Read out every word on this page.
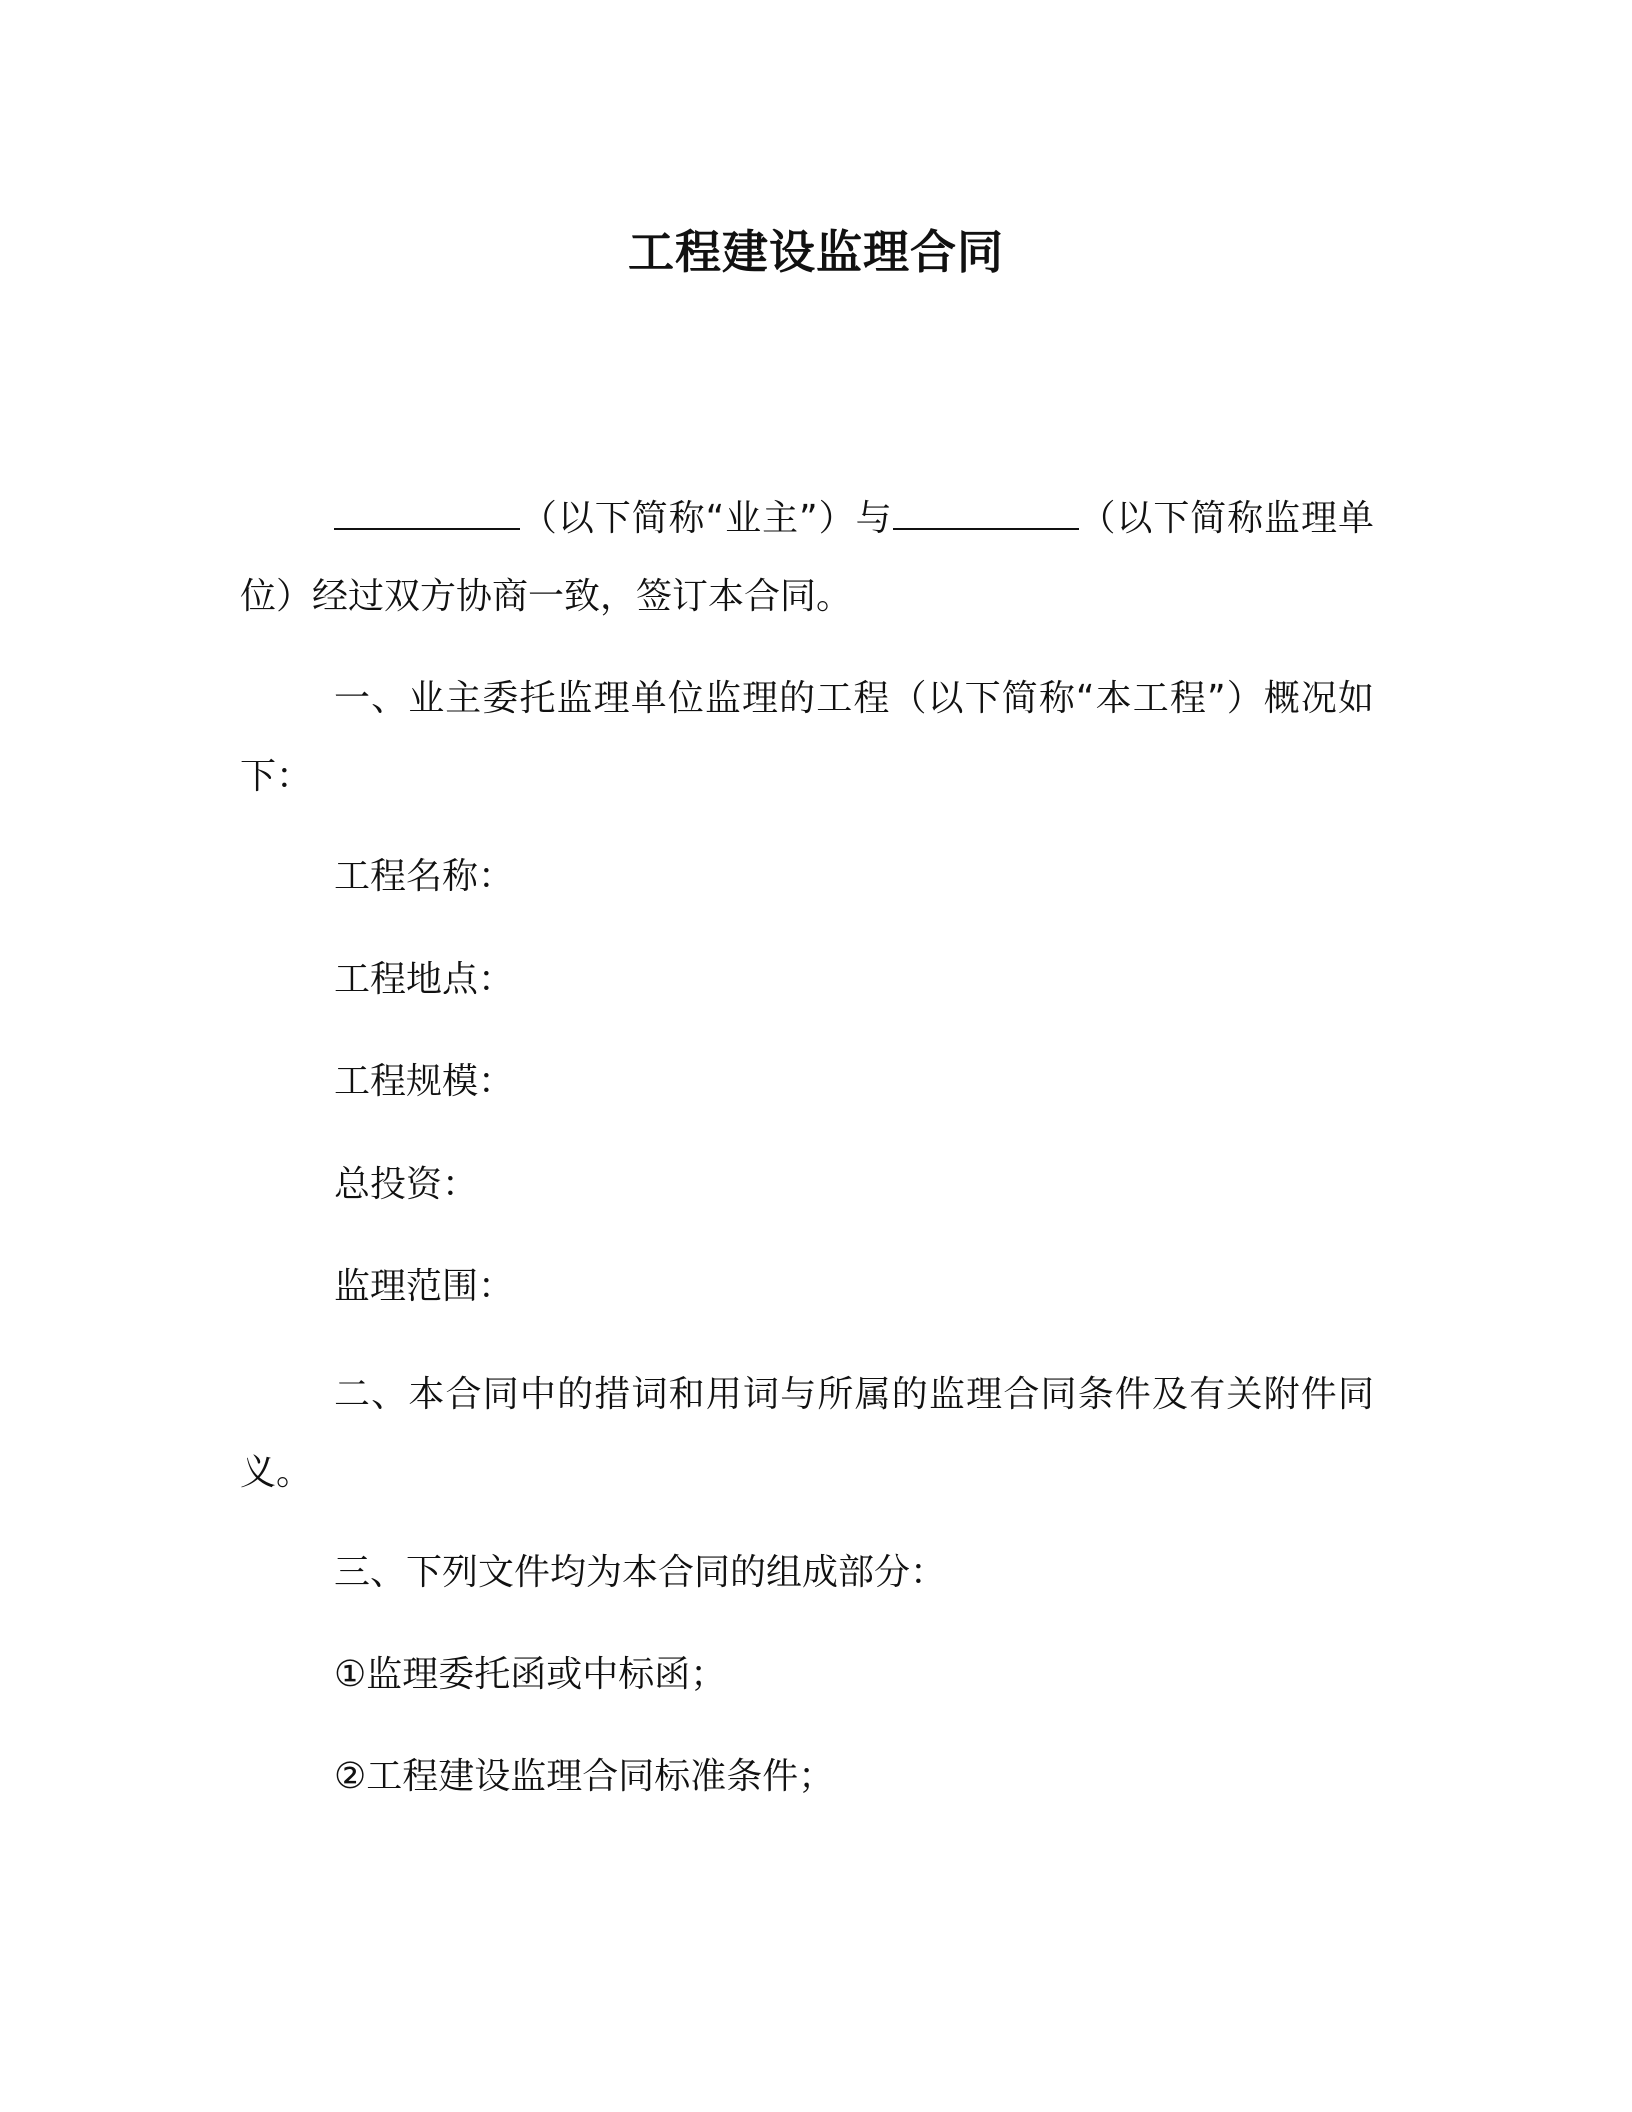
工程建设监理合同

（以下简称“业主”）与	（以下简称监理单位）经过双方协商一致，签订本合同。

一、业主委托监理单位监理的工程（以下简称“本工程”）概况如下：

工程名称：

工程地点：

工程规模：

总投资：

监理范围：

二、本合同中的措词和用词与所属的监理合同条件及有关附件同义。

三、下列文件均为本合同的组成部分：

①监理委托函或中标函；

②工程建设监理合同标准条件；
